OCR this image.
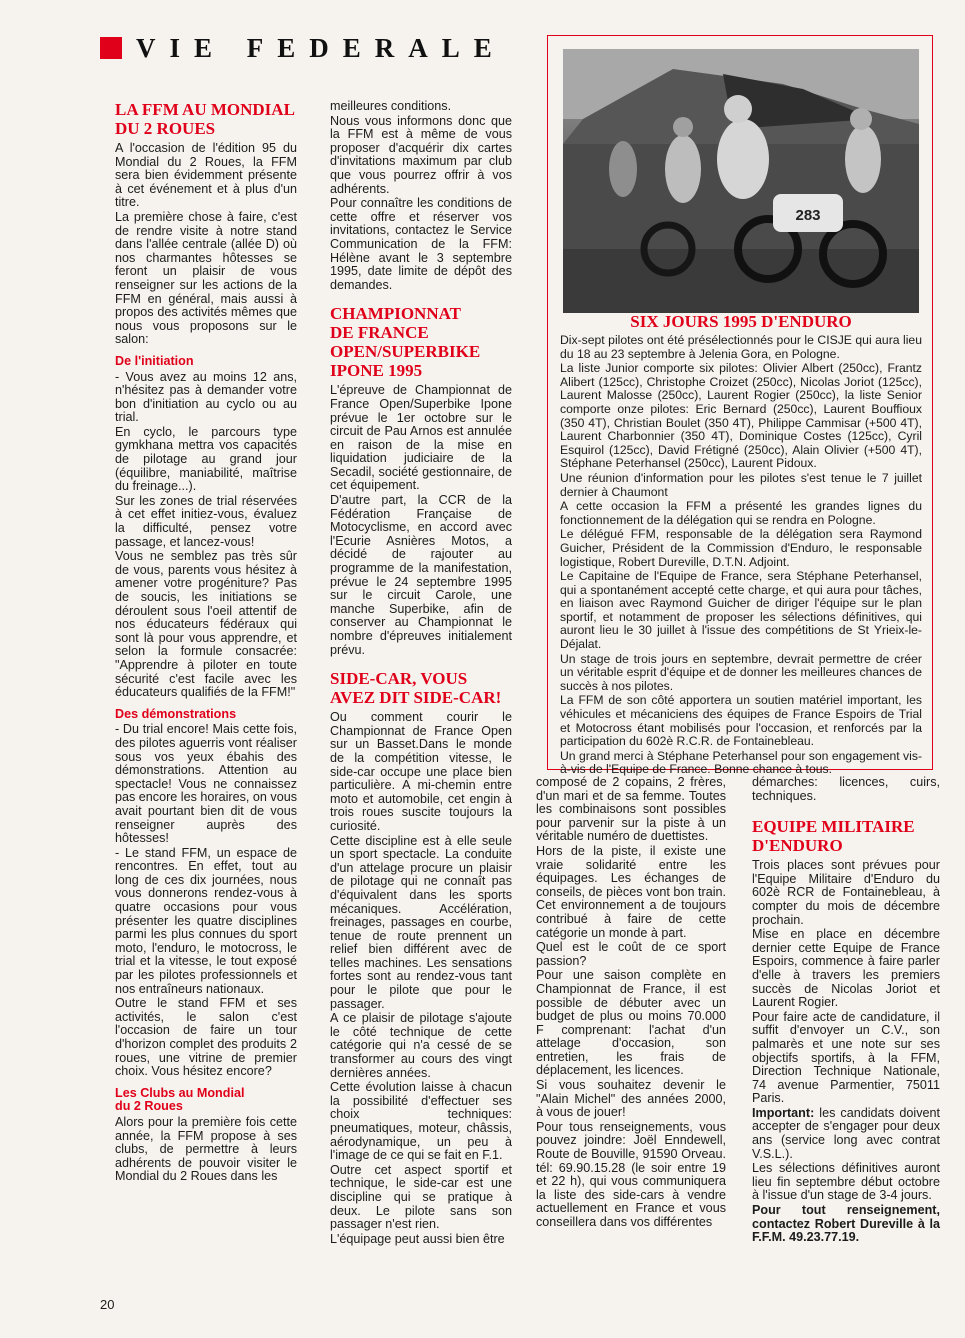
VIE FEDERALE
LA FFM AU MONDIAL
DU 2 ROUES

A l'occasion de l'édition 95 du Mondial du 2 Roues, la FFM sera bien évidemment présente à cet événement et à plus d'un titre.

La première chose à faire, c'est de rendre visite à notre stand dans l'allée centrale (allée D) où nos charmantes hôtesses se feront un plaisir de vous renseigner sur les actions de la FFM en général, mais aussi à propos des activités mêmes que nous vous proposons sur le salon:

De l'initiation

- Vous avez au moins 12 ans, n'hésitez pas à demander votre bon d'initiation au cyclo ou au trial.

En cyclo, le parcours type gymkhana mettra vos capacités de pilotage au grand jour (équilibre, maniabilité, maîtrise du freinage...).

Sur les zones de trial réservées à cet effet initiez-vous, évaluez la difficulté, pensez votre passage, et lancez-vous!

Vous ne semblez pas très sûr de vous, parents vous hésitez à amener votre progéniture? Pas de soucis, les initiations se déroulent sous l'oeil attentif de nos éducateurs fédéraux qui sont là pour vous apprendre, et selon la formule consacrée: "Apprendre à piloter en toute sécurité c'est facile avec les éducateurs qualifiés de la FFM!"

Des démonstrations

- Du trial encore! Mais cette fois, des pilotes aguerris vont réaliser sous vos yeux ébahis des démonstrations. Attention au spectacle! Vous ne connaissez pas encore les horaires, on vous avait pourtant bien dit de vous renseigner auprès des hôtesses!

- Le stand FFM, un espace de rencontres. En effet, tout au long de ces dix journées, nous vous donnerons rendez-vous à quatre occasions pour vous présenter les quatre disciplines parmi les plus connues du sport moto, l'enduro, le motocross, le trial et la vitesse, le tout exposé par les pilotes professionnels et nos entraîneurs nationaux.

Outre le stand FFM et ses activités, le salon c'est l'occasion de faire un tour d'horizon complet des produits 2 roues, une vitrine de premier choix. Vous hésitez encore?

Les Clubs au Mondial
du 2 Roues

Alors pour la première fois cette année, la FFM propose à ses clubs, de permettre à leurs adhérents de pouvoir visiter le Mondial du 2 Roues dans les

meilleures conditions.

Nous vous informons donc que la FFM est à même de vous proposer d'acquérir dix cartes d'invitations maximum par club que vous pourrez offrir à vos adhérents.

Pour connaître les conditions de cette offre et réserver vos invitations, contactez le Service Communication de la FFM: Hélène avant le 3 septembre 1995, date limite de dépôt des demandes.

CHAMPIONNAT
DE FRANCE
OPEN/SUPERBIKE
IPONE 1995

L'épreuve de Championnat de France Open/Superbike Ipone prévue le 1er octobre sur le circuit de Pau Arnos est annulée en raison de la mise en liquidation judiciaire de la Secadil, société gestionnaire, de cet équipement.

D'autre part, la CCR de la Fédération Française de Motocyclisme, en accord avec l'Ecurie Asnières Motos, a décidé de rajouter au programme de la manifestation, prévue le 24 septembre 1995 sur le circuit Carole, une manche Superbike, afin de conserver au Championnat le nombre d'épreuves initialement prévu.

SIDE-CAR, VOUS
AVEZ DIT SIDE-CAR!

Ou comment courir le Championnat de France Open sur un Basset.Dans le monde de la compétition vitesse, le side-car occupe une place bien particulière. A mi-chemin entre moto et automobile, cet engin à trois roues suscite toujours la curiosité.

Cette discipline est à elle seule un sport spectacle. La conduite d'un attelage procure un plaisir de pilotage qui ne connaît pas d'équivalent dans les sports mécaniques. Accélération, freinages, passages en courbe, tenue de route prennent un relief bien différent avec de telles machines. Les sensations fortes sont au rendez-vous tant pour le pilote que pour le passager.

A ce plaisir de pilotage s'ajoute le côté technique de cette catégorie qui n'a cessé de se transformer au cours des vingt dernières années.

Cette évolution laisse à chacun la possibilité d'effectuer ses choix techniques: pneumatiques, moteur, châssis, aérodynamique, un peu à l'image de ce qui se fait en F.1.

Outre cet aspect sportif et technique, le side-car est une discipline qui se pratique à deux. Le pilote sans son passager n'est rien.

L'équipage peut aussi bien être

composé de 2 copains, 2 frères, d'un mari et de sa femme. Toutes les combinaisons sont possibles pour parvenir sur la piste à un véritable numéro de duettistes.

Hors de la piste, il existe une vraie solidarité entre les équipages. Les échanges de conseils, de pièces vont bon train. Cet environnement a de toujours contribué à faire de cette catégorie un monde à part.

Quel est le coût de ce sport passion?

Pour une saison complète en Championnat de France, il est possible de débuter avec un budget de plus ou moins 70.000 F comprenant: l'achat d'un attelage d'occasion, son entretien, les frais de déplacement, les licences.

Si vous souhaitez devenir le "Alain Michel" des années 2000, à vous de jouer!

Pour tous renseignements, vous pouvez joindre: Joël Enndewell, Route de Bouville, 91590 Orveau. tél: 69.90.15.28 (le soir entre 19 et 22 h), qui vous communiquera la liste des side-cars à vendre actuellement en France et vous conseillera dans vos différentes

démarches: licences, cuirs, techniques.

EQUIPE MILITAIRE
D'ENDURO

Trois places sont prévues pour l'Equipe Militaire d'Enduro du 602è RCR de Fontainebleau, à compter du mois de décembre prochain.

Mise en place en décembre dernier cette Equipe de France Espoirs, commence à faire parler d'elle à travers les premiers succès de Nicolas Joriot et Laurent Rogier.

Pour faire acte de candidature, il suffit d'envoyer un C.V., son palmarès et une note sur ses objectifs sportifs, à la FFM, Direction Technique Nationale, 74 avenue Parmentier, 75011 Paris.

Important: les candidats doivent accepter de s'engager pour deux ans (service long avec contrat V.S.L.).

Les sélections définitives auront lieu fin septembre début octobre à l'issue d'un stage de 3-4 jours.

Pour tout renseignement, contactez Robert Dureville à la F.F.M. 49.23.77.19.

283
SIX JOURS 1995 D'ENDURO

Dix-sept pilotes ont été présélectionnés pour le CISJE qui aura lieu du 18 au 23 septembre à Jelenia Gora, en Pologne.

La liste Junior comporte six pilotes: Olivier Albert (250cc), Frantz Alibert (125cc), Christophe Croizet (250cc), Nicolas Joriot (125cc), Laurent Malosse (250cc), Laurent Rogier (250cc), la liste Senior comporte onze pilotes: Eric Bernard (250cc), Laurent Bouffioux (350 4T), Christian Boulet (350 4T), Philippe Cammisar (+500 4T), Laurent Charbonnier (350 4T), Dominique Costes (125cc), Cyril Esquirol (125cc), David Frétigné (250cc), Alain Olivier (+500 4T), Stéphane Peterhansel (250cc), Laurent Pidoux.

Une réunion d'information pour les pilotes s'est tenue le 7 juillet dernier à Chaumont

A cette occasion la FFM a présenté les grandes lignes du fonctionnement de la délégation qui se rendra en Pologne.

Le délégué FFM, responsable de la délégation sera Raymond Guicher, Président de la Commission d'Enduro, le responsable logistique, Robert Dureville, D.T.N. Adjoint.

Le Capitaine de l'Equipe de France, sera Stéphane Peterhansel, qui a spontanément accepté cette charge, et qui aura pour tâches, en liaison avec Raymond Guicher de diriger l'équipe sur le plan sportif, et notamment de proposer les sélections définitives, qui auront lieu le 30 juillet à l'issue des compétitions de St Yrieix-le-Déjalat.

Un stage de trois jours en septembre, devrait permettre de créer un véritable esprit d'équipe et de donner les meilleures chances de succès à nos pilotes.

La FFM de son côté apportera un soutien matériel important, les véhicules et mécaniciens des équipes de France Espoirs de Trial et Motocross étant mobilisés pour l'occasion, et renforcés par la participation du 602è R.C.R. de Fontainebleau.

Un grand merci à Stéphane Peterhansel pour son engagement vis-à-vis de l'Equipe de France. Bonne chance à tous.

20
